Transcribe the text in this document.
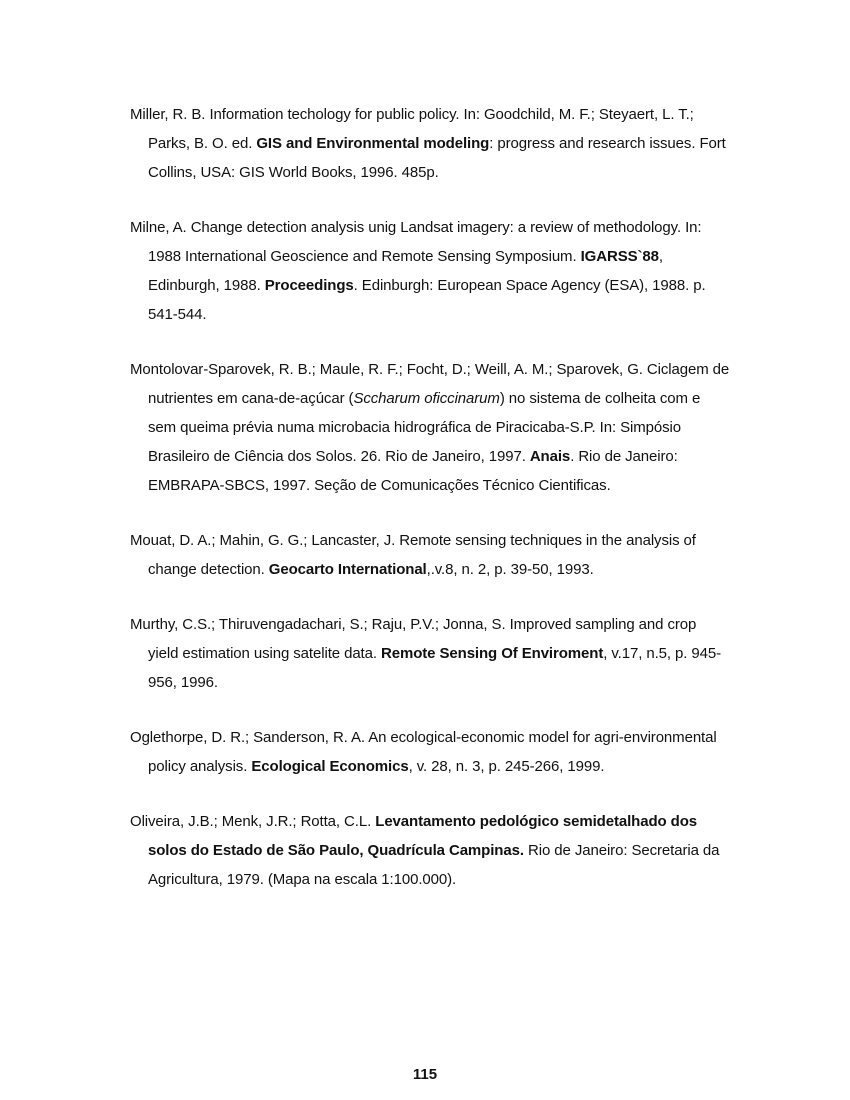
Miller, R. B. Information techology for public policy. In: Goodchild, M. F.; Steyaert, L. T.; Parks, B. O. ed. GIS and Environmental modeling: progress and research issues. Fort Collins, USA: GIS World Books, 1996. 485p.

Milne, A. Change detection analysis unig Landsat imagery: a review of methodology. In: 1988 International Geoscience and Remote Sensing Symposium. IGARSS`88, Edinburgh, 1988. Proceedings. Edinburgh: European Space Agency (ESA), 1988. p. 541-544.

Montolovar-Sparovek, R. B.; Maule, R. F.; Focht, D.; Weill, A. M.; Sparovek, G. Ciclagem de nutrientes em cana-de-açúcar (Sccharum oficcinarum) no sistema de colheita com e sem queima prévia numa microbacia hidrográfica de Piracicaba-S.P. In: Simpósio Brasileiro de Ciência dos Solos. 26. Rio de Janeiro, 1997. Anais. Rio de Janeiro: EMBRAPA-SBCS, 1997. Seção de Comunicações Técnico Cientificas.

Mouat, D. A.; Mahin, G. G.; Lancaster, J. Remote sensing techniques in the analysis of change detection. Geocarto International,.v.8, n. 2, p. 39-50, 1993.

Murthy, C.S.; Thiruvengadachari, S.; Raju, P.V.; Jonna, S. Improved sampling and crop yield estimation using satelite data. Remote Sensing Of Enviroment, v.17, n.5, p. 945-956, 1996.

Oglethorpe, D. R.; Sanderson, R. A. An ecological-economic model for agri-environmental policy analysis. Ecological Economics, v. 28, n. 3, p. 245-266, 1999.

Oliveira, J.B.; Menk, J.R.; Rotta, C.L. Levantamento pedológico semidetalhado dos solos do Estado de São Paulo, Quadrícula Campinas. Rio de Janeiro: Secretaria da Agricultura, 1979. (Mapa na escala 1:100.000).

115
